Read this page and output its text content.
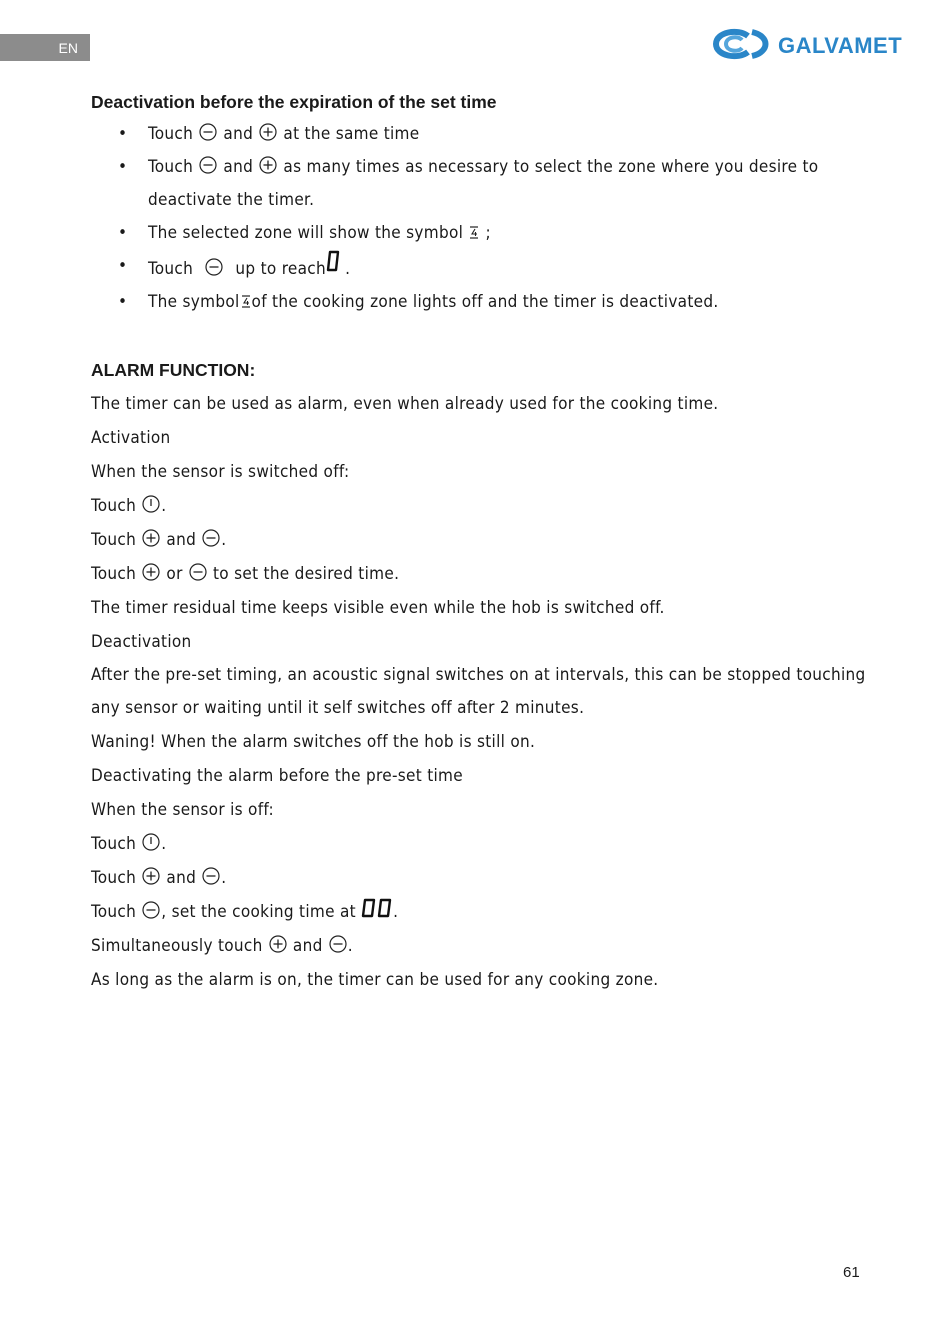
EN	GALVAMET
Deactivation before the expiration of the set time
• Touch and at the same time
• Touch and as many times as necessary to select the zone where you desire to deactivate the timer.
• The selected zone will show the symbol ;
• Touch up to reach .
• The symbol of the cooking zone lights off and the timer is deactivated.
ALARM FUNCTION:
The timer can be used as alarm, even when already used for the cooking time.
Activation
When the sensor is switched off:
Touch .
Touch and .
Touch or to set the desired time.
The timer residual time keeps visible even while the hob is switched off.
Deactivation
After the pre-set timing, an acoustic signal switches on at intervals, this can be stopped touching any sensor or waiting until it self switches off after 2 minutes.
Waning! When the alarm switches off the hob is still on.
Deactivating the alarm before the pre-set time
When the sensor is off:
Touch .
Touch and .
Touch , set the cooking time at .
Simultaneously touch and .
As long as the alarm is on, the timer can be used for any cooking zone.
61
